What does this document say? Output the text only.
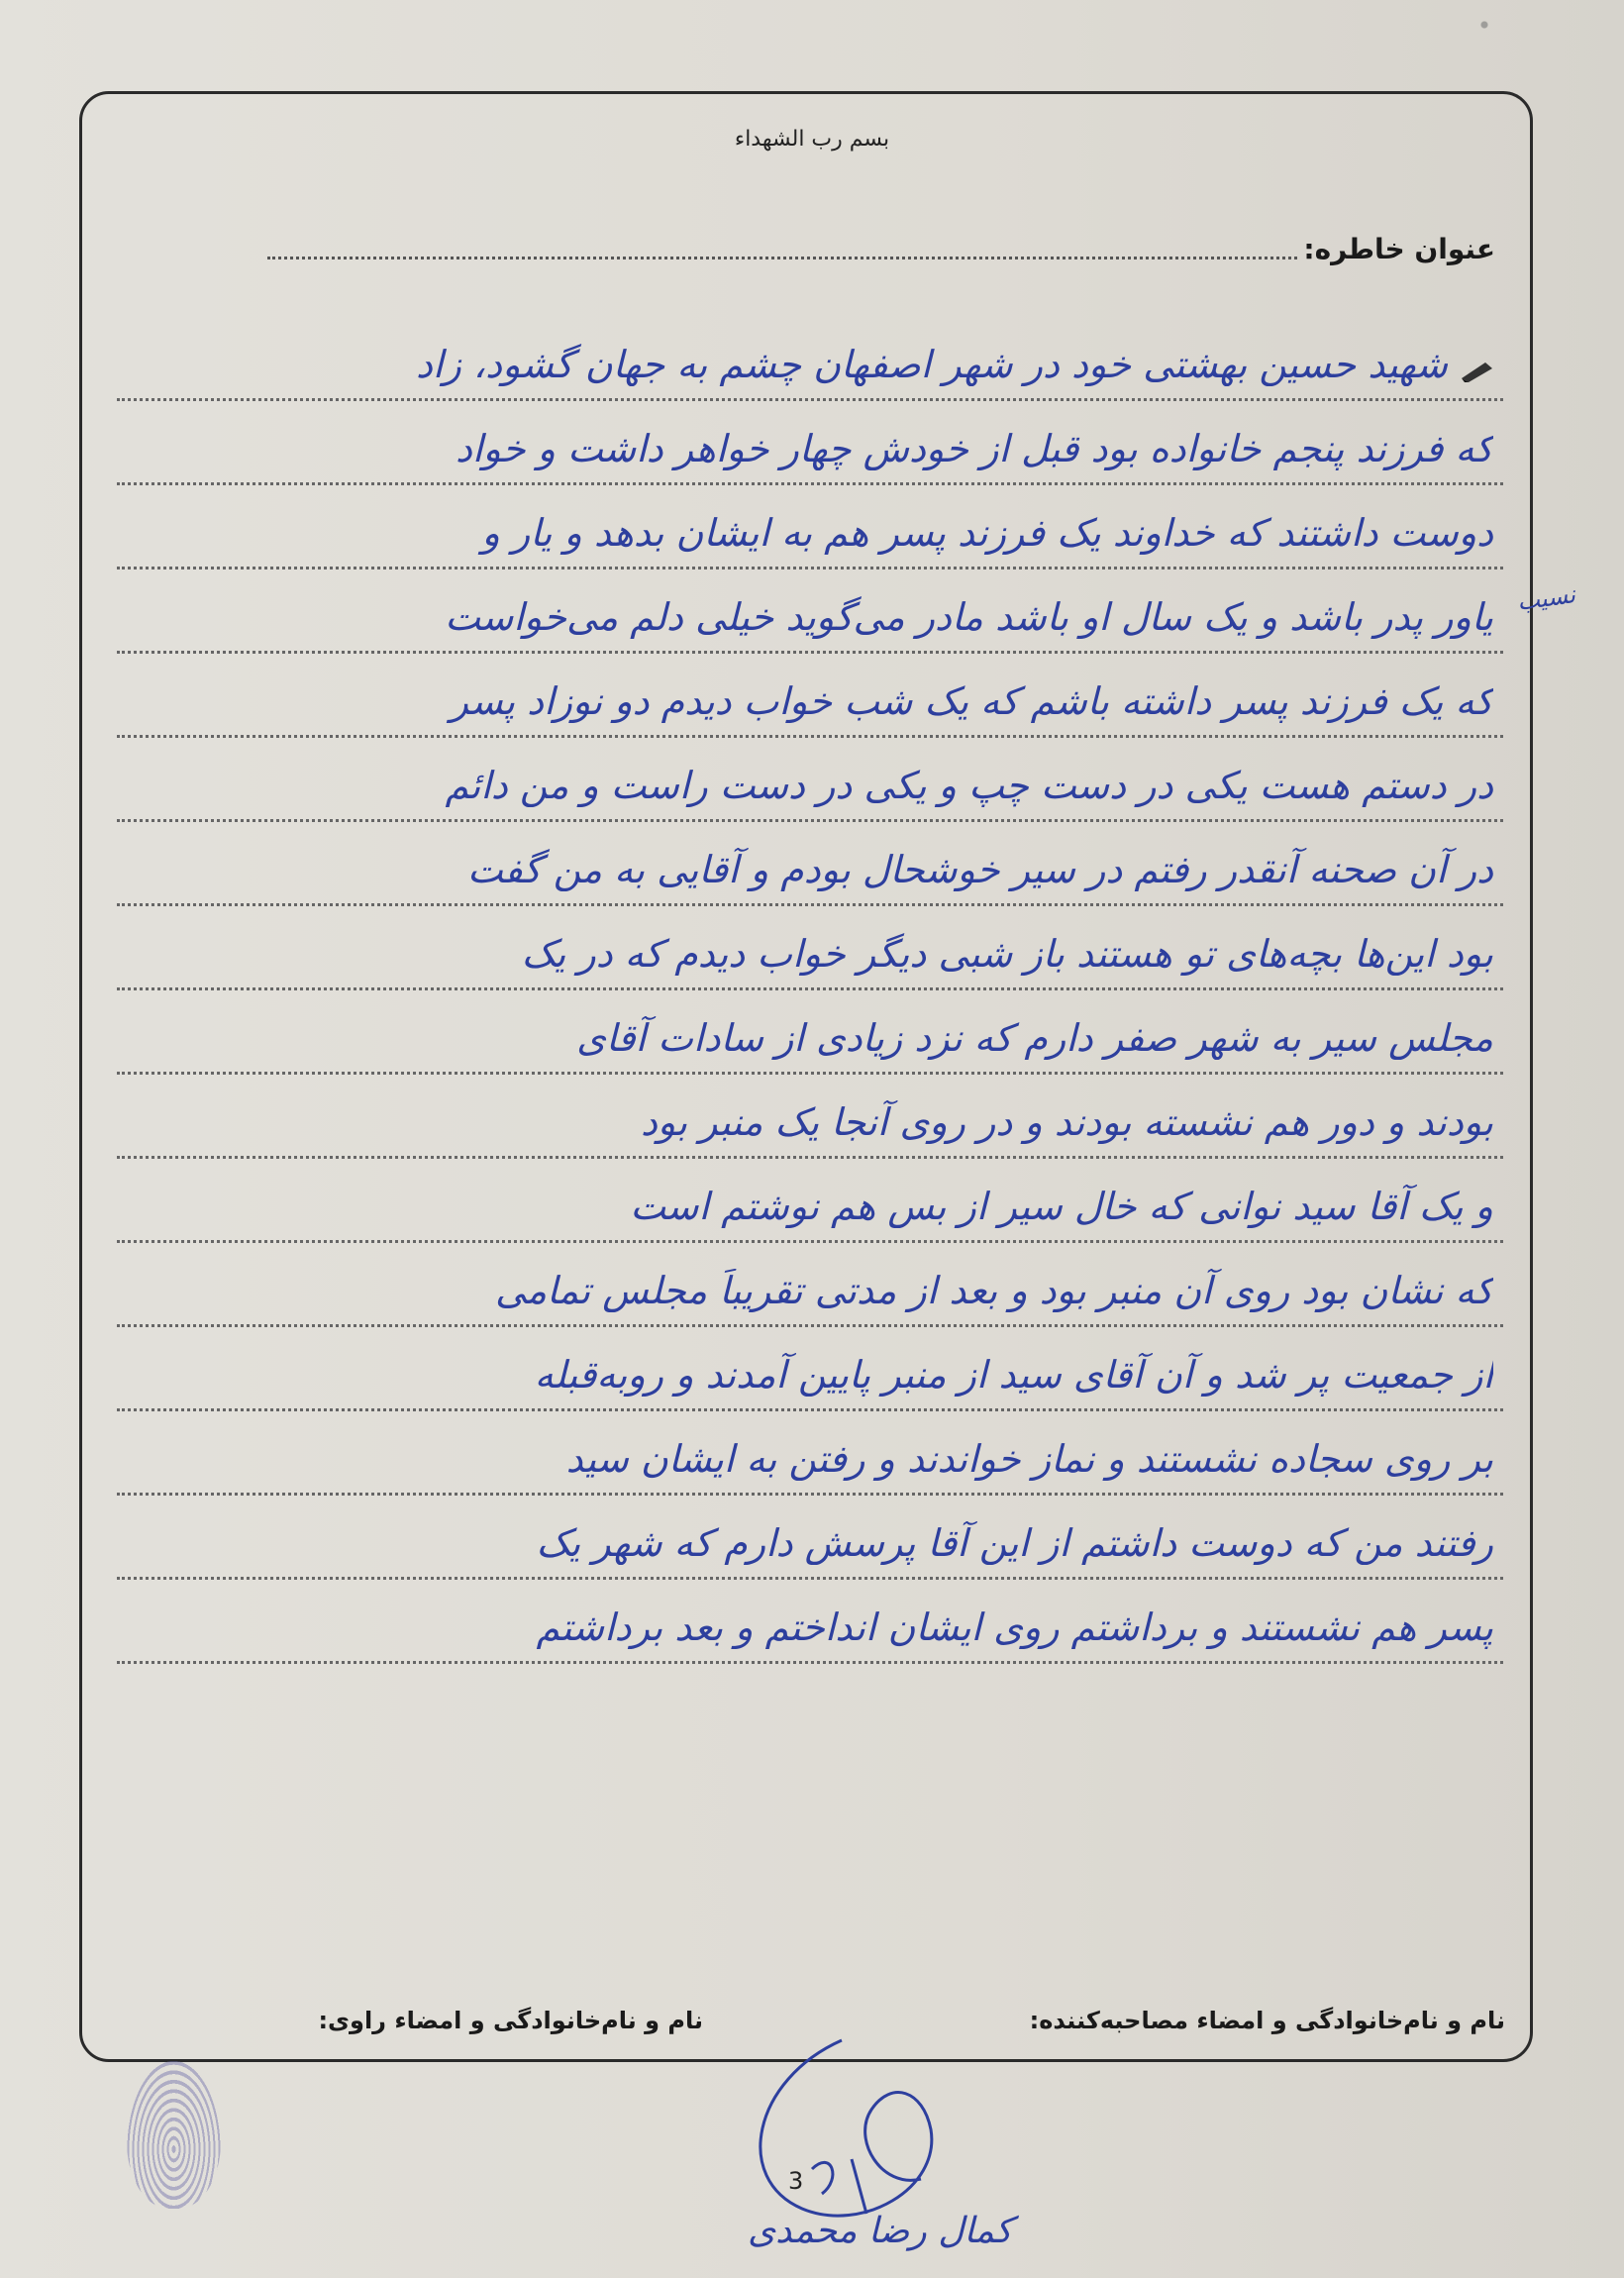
بسم رب الشهداء
عنوان خاطره:
شهید حسین بهشتی خود در شهر اصفهان چشم به جهان گشود، زاد
که فرزند پنجم خانواده بود قبل از خودش چهار خواهر داشت و خواد
دوست داشتند که خداوند یک فرزند پسر هم به ایشان بدهد و یار و
یاور پدر باشد و یک سال او باشد مادر می‌گوید خیلی دلم می‌خواست
که یک فرزند پسر داشته باشم که یک شب خواب دیدم دو نوزاد پسر
در دستم هست یکی در دست چپ و یکی در دست راست و من دائم
در آن صحنه آنقدر رفتم در سیر خوشحال بودم و آقایی به من گفت
بود این‌ها بچه‌های تو هستند باز شبی دیگر خواب دیدم که در یک
مجلس سیر به شهر صفر دارم که نزد زیادی از سادات آقای
بودند و دور هم نشسته بودند و در روی آنجا یک منبر بود
و یک آقا سید نوانی که خال سیر از بس هم نوشتم است
که نشان بود روی آن منبر بود و بعد از مدتی تقریباً مجلس تمامی
از جمعیت پر شد و آن آقای سید از منبر پایین آمدند و روبه‌قبله
بر روی سجاده نشستند و نماز خواندند و رفتن به ایشان سید
رفتند من که دوست داشتم از این آقا پرسش دارم که شهر یک
پسر هم نشستند و برداشتم روی ایشان انداختم و بعد برداشتم
نسیب
نام و نام‌خانوادگی و امضاء مصاحبه‌کننده:
نام و نام‌خانوادگی و امضاء راوی:
3
کمال رضا محمدی
